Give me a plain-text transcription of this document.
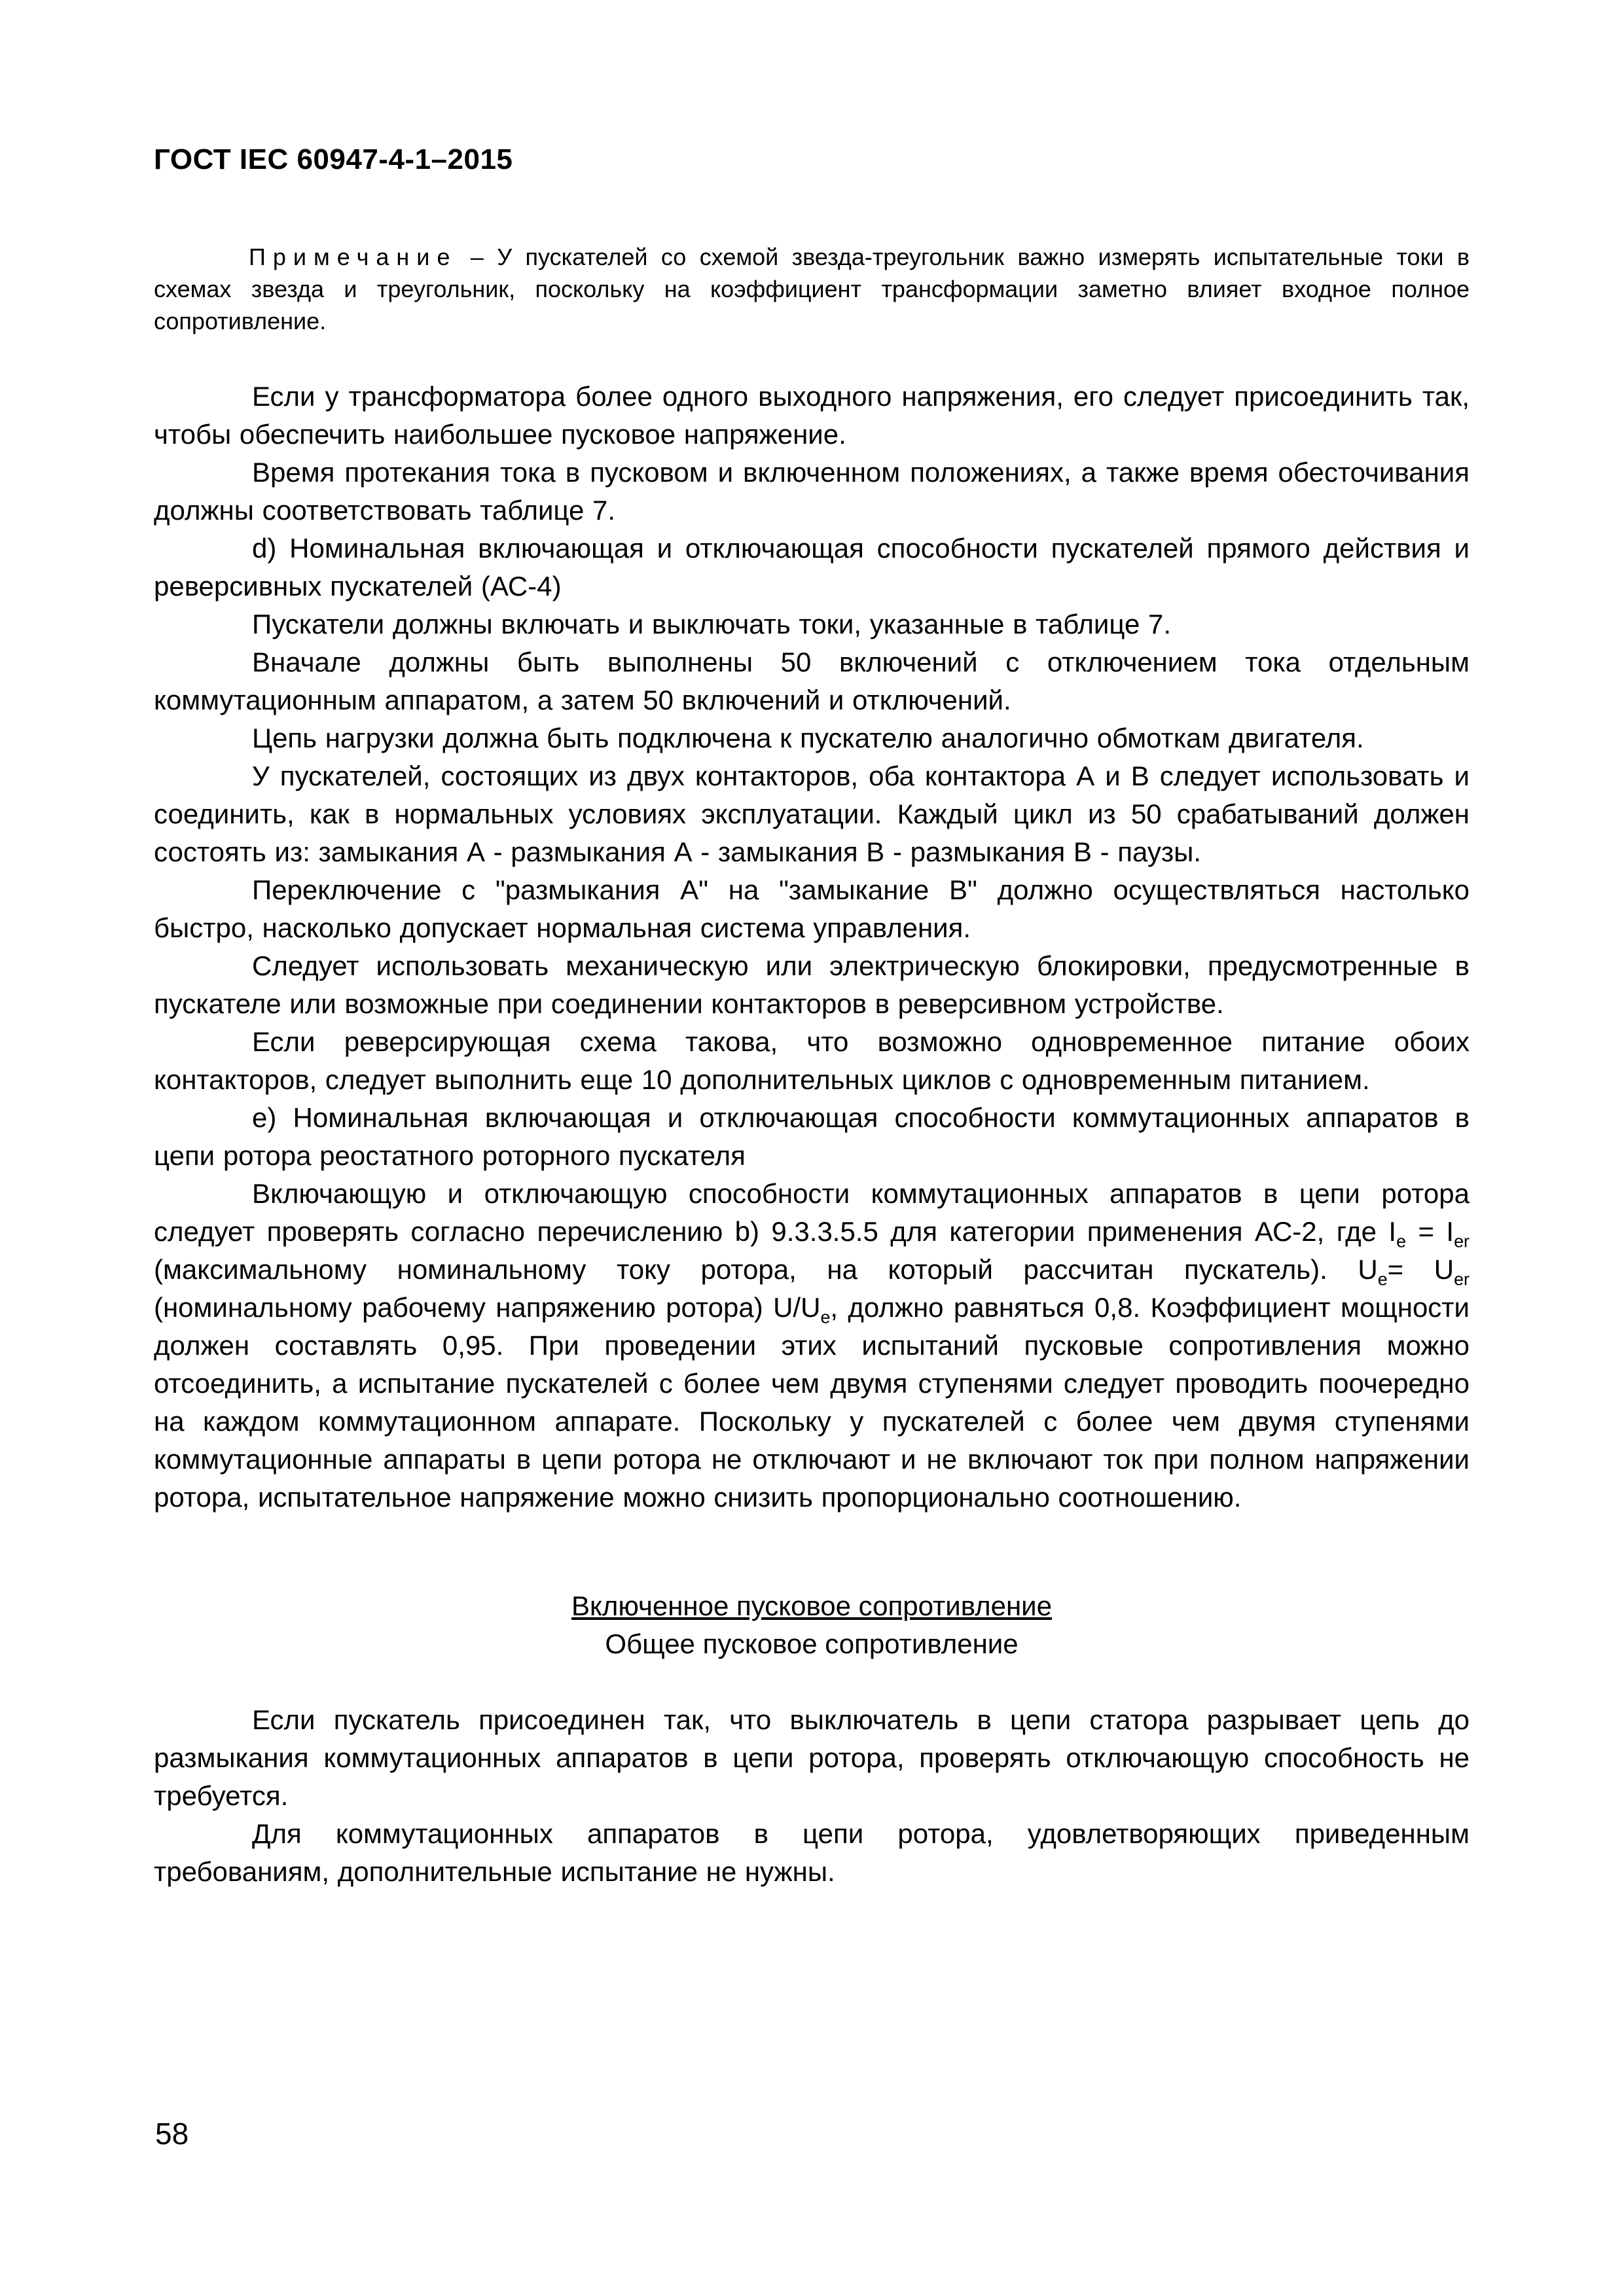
ГОСТ IEC 60947-4-1–2015

Примечание – У пускателей со схемой звезда-треугольник важно измерять испытательные токи в схемах звезда и треугольник, поскольку на коэффициент трансформации заметно влияет входное полное сопротивление.

Если у трансформатора более одного выходного напряжения, его следует присоединить так, чтобы обеспечить наибольшее пусковое напряжение.

Время протекания тока в пусковом и включенном положениях, а также время обесточивания должны соответствовать таблице 7.

d) Номинальная включающая и отключающая способности пускателей прямого действия и реверсивных пускателей (АС-4)

Пускатели должны включать и выключать токи, указанные в таблице 7.

Вначале должны быть выполнены 50 включений с отключением тока отдельным коммутационным аппаратом, а затем 50 включений и отключений.

Цепь нагрузки должна быть подключена к пускателю аналогично обмоткам двигателя.

У пускателей, состоящих из двух контакторов, оба контактора А и В следует использовать и соединить, как в нормальных условиях эксплуатации. Каждый цикл из 50 срабатываний должен состоять из: замыкания А - размыкания А - замыкания В - размыкания В - паузы.

Переключение с "размыкания А" на "замыкание В" должно осуществляться настолько быстро, насколько допускает нормальная система управления.

Следует использовать механическую или электрическую блокировки, предусмотренные в пускателе или возможные при соединении контакторов в реверсивном устройстве.

Если реверсирующая схема такова, что возможно одновременное питание обоих контакторов, следует выполнить еще 10 дополнительных циклов с одновременным питанием.

e) Номинальная включающая и отключающая способности коммутационных аппаратов в цепи ротора реостатного роторного пускателя

Включающую и отключающую способности коммутационных аппаратов в цепи ротора следует проверять согласно перечислению b) 9.3.3.5.5 для категории применения АС-2, где $I_e = I_{er}$ (максимальному номинальному току ротора, на который рассчитан пускатель). $U_e= U_{er}$ (номинальному рабочему напряжению ротора) $U/U_e$, должно равняться 0,8. Коэффициент мощности должен составлять 0,95. При проведении этих испытаний пусковые сопротивления можно отсоединить, а испытание пускателей с более чем двумя ступенями следует проводить поочередно на каждом коммутационном аппарате. Поскольку у пускателей с более чем двумя ступенями коммутационные аппараты в цепи ротора не отключают и не включают ток при полном напряжении ротора, испытательное напряжение можно снизить пропорционально соотношению.

Включенное пусковое сопротивление

Общее пусковое сопротивление

Если пускатель присоединен так, что выключатель в цепи статора разрывает цепь до размыкания коммутационных аппаратов в цепи ротора, проверять отключающую способность не требуется.

Для коммутационных аппаратов в цепи ротора, удовлетворяющих приведенным требованиям, дополнительные испытание не нужны.

58
